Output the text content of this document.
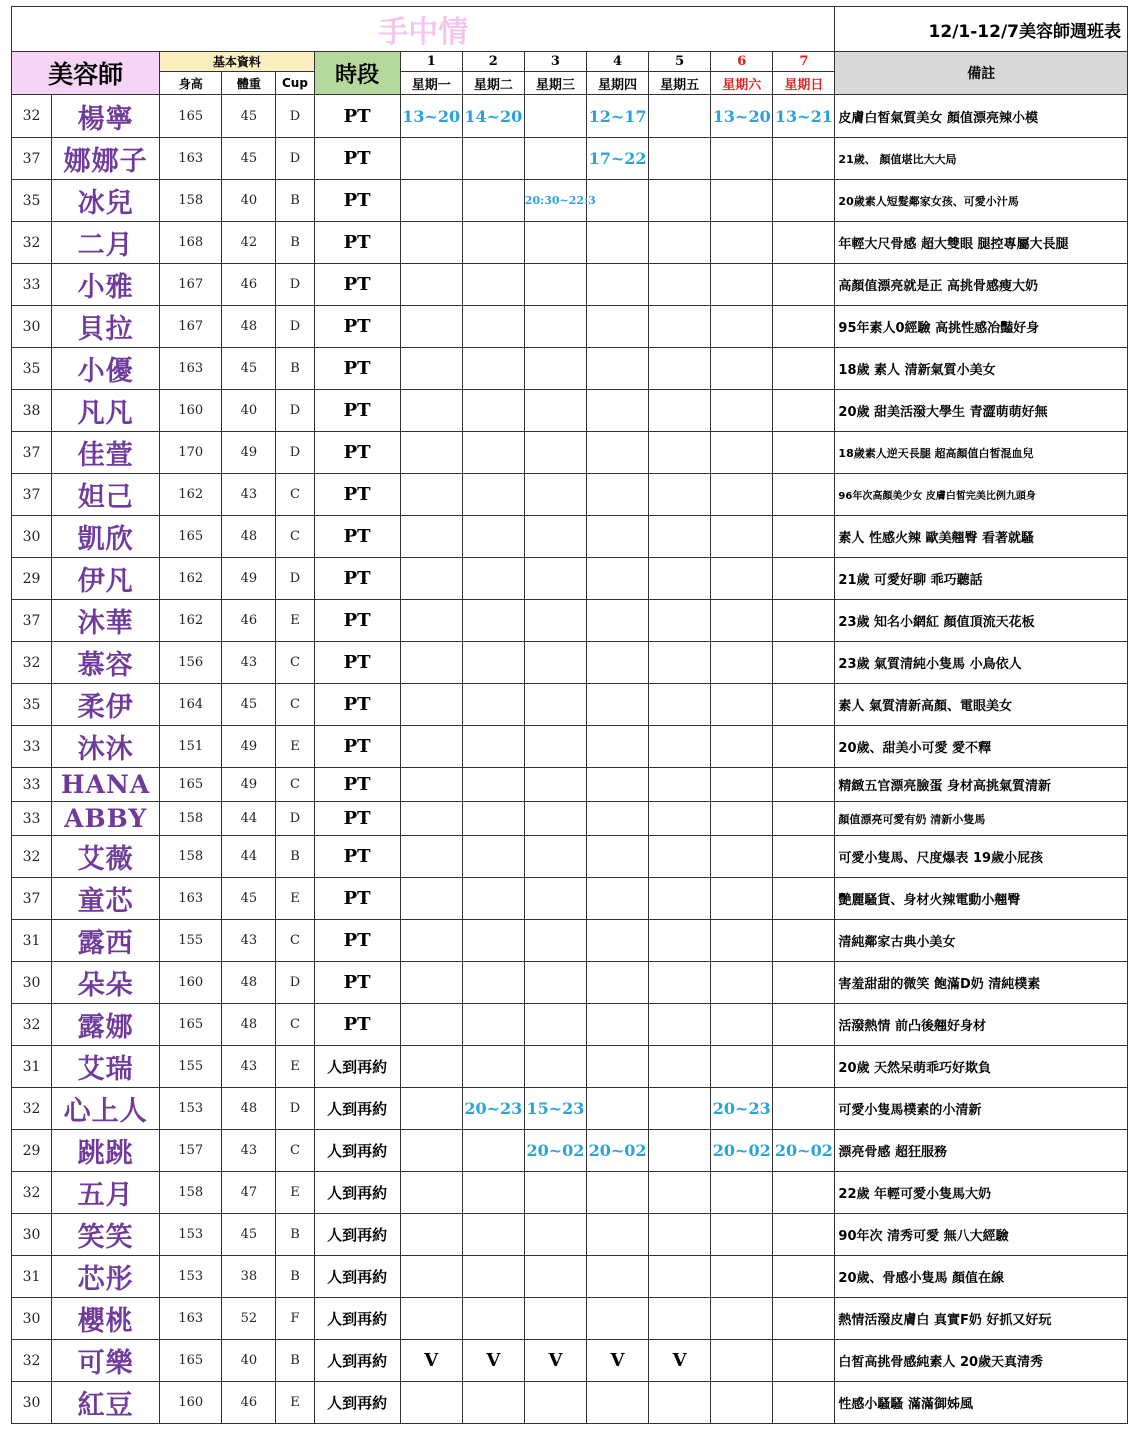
手中情													12/1-12/7美容師週班表
美容師		基本資料			時段	1	2	3	4	5	6	7	備註
		身高	體重	Cup		星期一	星期二	星期三	星期四	星期五	星期六	星期日	
32	楊寧	165	45	D	PT	13~20	14~20		12~17		13~20	13~21	皮膚白皙氣質美女 顏值漂亮辣小模
37	娜娜子	163	45	D	PT				17~22				21歲、 顏值堪比大大局
35	冰兒	158	40	B	PT			20:30~22:3					20歲素人短髮鄰家女孩、可愛小汁馬
32	二月	168	42	B	PT								年輕大尺骨感 超大雙眼 腿控專屬大長腿
33	小雅	167	46	D	PT								高顏值漂亮就是正 高挑骨感瘦大奶
30	貝拉	167	48	D	PT								95年素人0經驗 高挑性感冶豔好身
35	小優	163	45	B	PT								18歲 素人 清新氣質小美女
38	凡凡	160	40	D	PT								20歲 甜美活潑大學生 青澀萌萌好無
37	佳萱	170	49	D	PT								18歲素人逆天長腿 超高顏值白皙混血兒
37	妲己	162	43	C	PT								96年次高顏美少女 皮膚白皙完美比例九頭身
30	凱欣	165	48	C	PT								素人 性感火辣 歐美翹臀 看著就騷
29	伊凡	162	49	D	PT								21歲 可愛好聊 乖巧聽話
37	沐華	162	46	E	PT								23歲 知名小網紅 顏值頂流天花板
32	慕容	156	43	C	PT								23歲 氣質清純小隻馬 小鳥依人
35	柔伊	164	45	C	PT								素人 氣質清新高顏、電眼美女
33	沐沐	151	49	E	PT								20歲、甜美小可愛 愛不釋
33	HANA	165	49	C	PT								精緻五官漂亮臉蛋 身材高挑氣質清新
33	ABBY	158	44	D	PT								顏值漂亮可愛有奶 清新小隻馬
32	艾薇	158	44	B	PT								可愛小隻馬、尺度爆表 19歲小屁孩
37	童芯	163	45	E	PT								艷麗騷貨、身材火辣電動小翹臀
31	露西	155	43	C	PT								清純鄰家古典小美女
30	朵朵	160	48	D	PT								害羞甜甜的微笑 飽滿D奶 清純樸素
32	露娜	165	48	C	PT								活潑熱情 前凸後翹好身材
31	艾瑞	155	43	E	人到再約								20歲 天然呆萌乖巧好欺負
32	心上人	153	48	D	人到再約		20~23	15~23			20~23		可愛小隻馬樸素的小清新
29	跳跳	157	43	C	人到再約			20~02	20~02		20~02	20~02	漂亮骨感 超狂服務
32	五月	158	47	E	人到再約								22歲 年輕可愛小隻馬大奶
30	笑笑	153	45	B	人到再約								90年次 清秀可愛 無八大經驗
31	芯彤	153	38	B	人到再約								20歲、骨感小隻馬 顏值在線
30	櫻桃	163	52	F	人到再約								熱情活潑皮膚白 真實F奶 好抓又好玩
32	可樂	165	40	B	人到再約	V	V	V	V	V			白皙高挑骨感純素人 20歲天真清秀
30	紅豆	160	46	E	人到再約								性感小騷騷 滿滿御姊風
